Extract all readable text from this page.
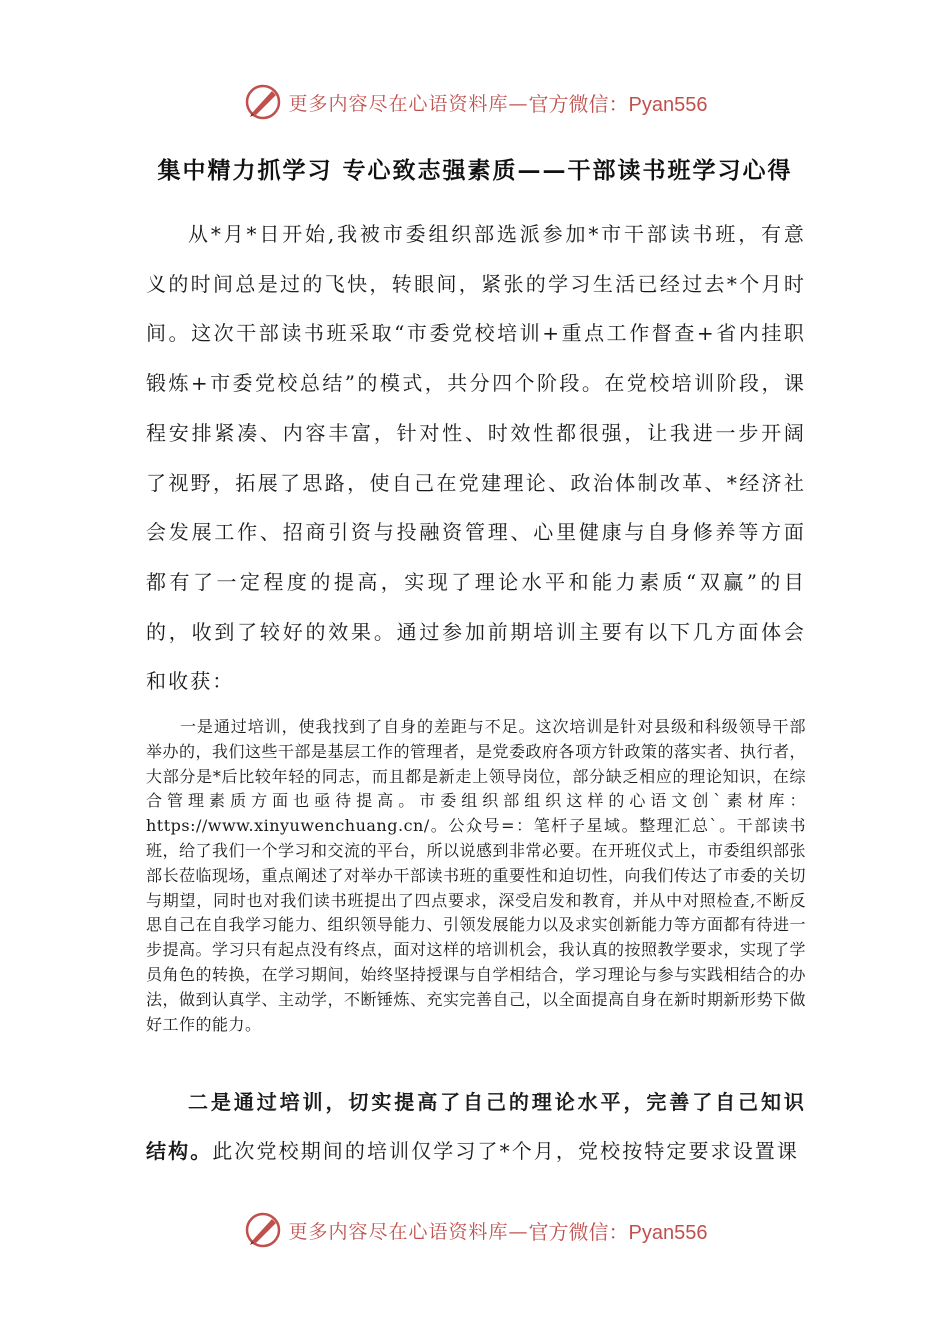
更多内容尽在心语资料库— 官方微信：Pyan556
集中精力抓学习 专心致志强素质——干部读书班学习心得

从*月*日开始,我被市委组织部选派参加*市干部读书班，有意义的时间总是过的飞快，转眼间，紧张的学习生活已经过去*个月时间。这次干部读书班采取“市委党校培训+重点工作督查+省内挂职锻炼+市委党校总结”的模式，共分四个阶段。在党校培训阶段，课程安排紧凑、内容丰富，针对性、时效性都很强，让我进一步开阔了视野，拓展了思路，使自己在党建理论、政治体制改革、*经济社会发展工作、招商引资与投融资管理、心里健康与自身修养等方面都有了一定程度的提高，实现了理论水平和能力素质“双赢”的目的，收到了较好的效果。通过参加前期培训主要有以下几方面体会和收获：

一是通过培训，使我找到了自身的差距与不足。这次培训是针对县级和科级领导干部举办的，我们这些干部是基层工作的管理者，是党委政府各项方针政策的落实者、执行者，大部分是*后比较年轻的同志，而且都是新走上领导岗位，部分缺乏相应的理论知识，在综合管理素质方面也亟待提高。市委组织部组织这样的心语文创`素材库：https://www.xinyuwenchuang.cn/。公众号=：笔杆子星域。整理汇总`。干部读书班，给了我们一个学习和交流的平台，所以说感到非常必要。在开班仪式上，市委组织部张部长莅临现场，重点阐述了对举办干部读书班的重要性和迫切性，向我们传达了市委的关切与期望，同时也对我们读书班提出了四点要求，深受启发和教育，并从中对照检查,不断反思自己在自我学习能力、组织领导能力、引领发展能力以及求实创新能力等方面都有待进一步提高。学习只有起点没有终点，面对这样的培训机会，我认真的按照教学要求，实现了学员角色的转换，在学习期间，始终坚持授课与自学相结合，学习理论与参与实践相结合的办法，做到认真学、主动学，不断锤炼、充实完善自己，以全面提高自身在新时期新形势下做好工作的能力。

二是通过培训，切实提高了自己的理论水平，完善了自己知识结构。此次党校期间的培训仅学习了*个月，党校按特定要求设置课

更多内容尽在心语资料库— 官方微信：Pyan556
